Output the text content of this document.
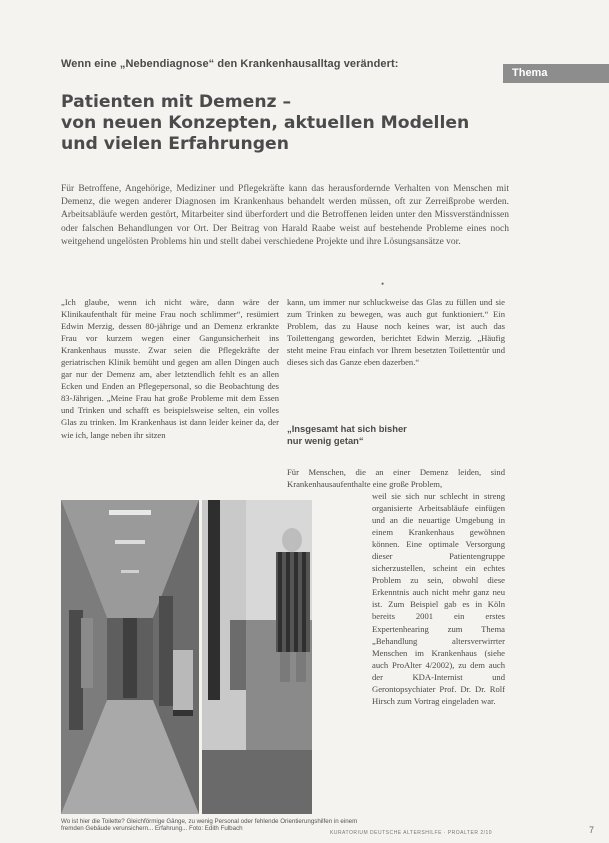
Wenn eine „Nebendiagnose“ den Krankenhausalltag verändert:
Thema
Patienten mit Demenz –
von neuen Konzepten, aktuellen Modellen
und vielen Erfahrungen

Für Betroffene, Angehörige, Mediziner und Pflegekräfte kann das herausfordernde Verhalten von Menschen mit Demenz, die wegen anderer Diagnosen im Krankenhaus behandelt werden müssen, oft zur Zerreißprobe werden. Arbeitsabläufe werden gestört, Mitarbeiter sind überfordert und die Betroffenen leiden unter den Missverständnissen oder falschen Behandlungen vor Ort. Der Beitrag von Harald Raabe weist auf bestehende Probleme eines noch weitgehend ungelösten Problems hin und stellt dabei verschiedene Projekte und ihre Lösungsansätze vor.

•

„Ich glaube, wenn ich nicht wäre, dann wäre der Klinikaufenthalt für meine Frau noch schlimmer“, resümiert Edwin Merzig, dessen 80-jährige und an Demenz erkrankte Frau vor kurzem wegen einer Gangunsicherheit ins Krankenhaus musste. Zwar seien die Pflegekräfte der geriatrischen Klinik bemüht und gegen am allen Dingen auch gar nur der Demenz am, aber letztendlich fehlt es an allen Ecken und Enden an Pflegepersonal, so die Beobachtung des 83-Jährigen. „Meine Frau hat große Probleme mit dem Essen und Trinken und schafft es beispielsweise selten, ein volles Glas zu trinken. Im Krankenhaus ist dann leider keiner da, der wie ich, lange neben ihr sitzen

kann, um immer nur schluckweise das Glas zu füllen und sie zum Trinken zu bewegen, was auch gut funktioniert.“ Ein Problem, das zu Hause noch keines war, ist auch das Toilettengang geworden, berichtet Edwin Merzig. „Häufig steht meine Frau einfach vor Ihrem besetzten Toilettentür und dieses sich das Ganze eben dazerben.“

„Insgesamt hat sich bisher
nur wenig getan“

Für Menschen, die an einer Demenz leiden, sind Krankenhausaufenthalte eine große Problem,

weil sie sich nur schlecht in streng organisierte Arbeitsabläufe einfügen und an die neuartige Umgebung in einem Krankenhaus gewöhnen können. Eine optimale Versorgung dieser Patientengruppe sicherzustellen, scheint ein echtes Problem zu sein, obwohl diese Erkenntnis auch nicht mehr ganz neu ist. Zum Beispiel gab es in Köln bereits 2001 ein erstes Expertenhearing zum Thema „Behandlung altersverwirrter Menschen im Krankenhaus (siehe auch ProAlter 4/2002), zu dem auch der KDA-Internist und Gerontopsychiater Prof. Dr. Dr. Rolf Hirsch zum Vortrag eingeladen war.

Wo ist hier die Toilette? Gleichförmige Gänge, zu wenig Personal oder fehlende Orientierungshilfen in einem fremden Gebäude verunsichern... Erfahrung... Foto: Edith Fulbach

KURATORIUM DEUTSCHE ALTERSHILFE · PROALTER 2/10	7
